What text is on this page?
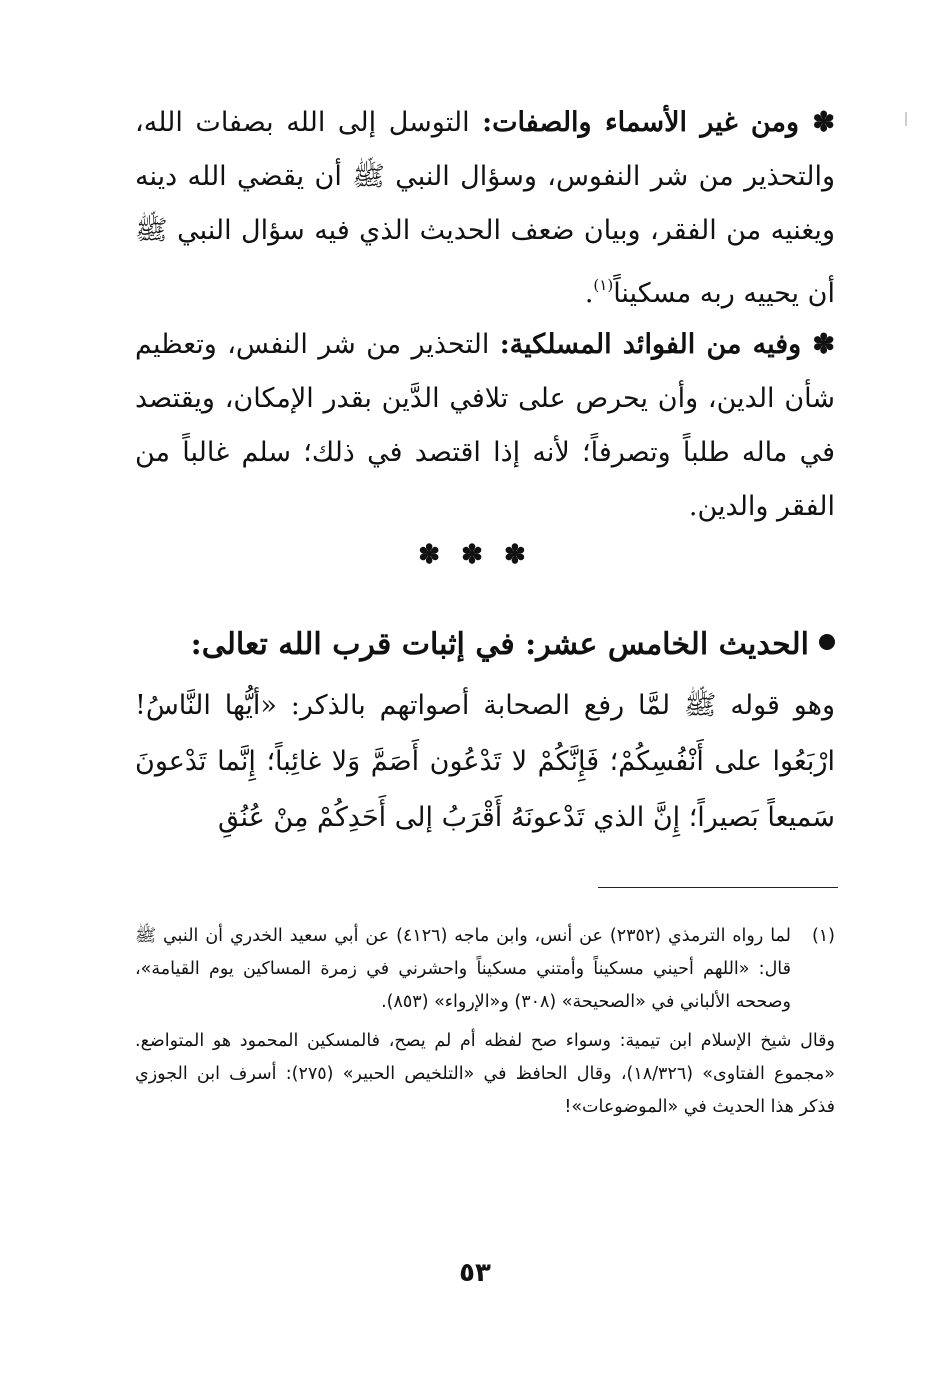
✽ ومن غير الأسماء والصفات: التوسل إلى الله بصفات الله، والتحذير من شر النفوس، وسؤال النبي ﷺ أن يقضي الله دينه ويغنيه من الفقر، وبيان ضعف الحديث الذي فيه سؤال النبي ﷺ أن يحييه ربه مسكيناً$^{(١)}$.

✽ وفيه من الفوائد المسلكية: التحذير من شر النفس، وتعظيم شأن الدين، وأن يحرص على تلافي الدَّين بقدر الإمكان، ويقتصد في ماله طلباً وتصرفاً؛ لأنه إذا اقتصد في ذلك؛ سلم غالباً من الفقر والدين.

✽ ✽ ✽
الحديث الخامس عشر: في إثبات قرب الله تعالى:

وهو قوله ﷺ لمَّا رفع الصحابة أصواتهم بالذكر: «أيُّها النَّاسُ! ارْبَعُوا على أَنْفُسِكُمْ؛ فَإِنَّكُمْ لا تَدْعُون أَصَمَّ وَلا غائِباً؛ إِنَّما تَدْعونَ سَميعاً بَصيراً؛ إِنَّ الذي تَدْعونَهُ أَقْرَبُ إلى أَحَدِكُمْ مِنْ عُنُقِ

(١)
لما رواه الترمذي (٢٣٥٢) عن أنس، وابن ماجه (٤١٢٦) عن أبي سعيد الخدري أن النبي ﷺ قال: «اللهم أحيني مسكيناً وأمتني مسكيناً واحشرني في زمرة المساكين يوم القيامة»، وصححه الألباني في «الصحيحة» (٣٠٨) و«الإرواء» (٨٥٣).

وقال شيخ الإسلام ابن تيمية: وسواء صح لفظه أم لم يصح، فالمسكين المحمود هو المتواضع. «مجموع الفتاوى» (١٨/٣٢٦)، وقال الحافظ في «التلخيص الحبير» (٢٧٥): أسرف ابن الجوزي فذكر هذا الحديث في «الموضوعات»!

٥٣
